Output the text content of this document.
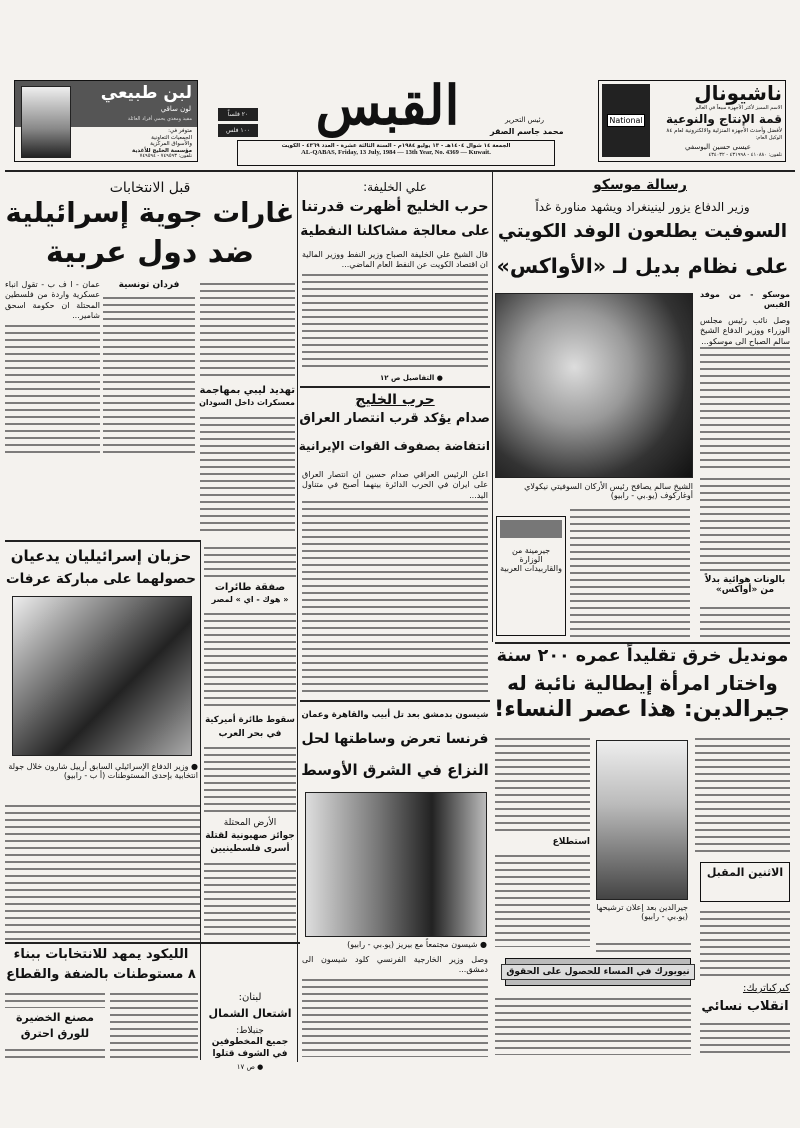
National
ناشيونال
الاسم المميز لأكثر الأجهزة مبيعاً في العالم
قمة الإنتاج والنوعية
لأفضل وأحدث الأجهزة المنزلية والالكترونية لعام ٨٤
الوكيل العام:
عيسى حسين اليوسفي
تلفون: ٤١٠٨٨٠ - ٤٣١٩٩٨ - ٤٣٤٠٣٢
رئيس التحرير
محمد جاسم الصقر
القبس
٢٠ فلساً
١٠٠ فلس
الجمعة ١٤ شوال ١٤٠٤هـ - ١٣ يوليو ١٩٨٤م - السنة الثالثة عشرة - العدد ٤٣٦٩ - الكويت
AL-QABAS, Friday, 13 July, 1984 — 13th Year, No. 4369 — Kuwait.
لبن طبيعي
لون ساقي
مفيد ومغذي يحمي أفراد العائلة
متوفر في:
الجمعيات التعاونية
والأسواق المركزية
مؤسسة الخليج للأغذية
تلفون: ٧٤٩٥٩٣ - ٧٤٩٥٩٤
رسالة موسكو
وزير الدفاع يزور لينينغراد ويشهد مناورة غداً
السوفيت يطلعون الوفد الكويتي
على نظام بديل لـ «الأواكس»
موسكو - من موفد القبس
وصل نائب رئيس مجلس الوزراء ووزير الدفاع الشيخ سالم الصباح الى موسكو...
الشيخ سالم يصافح رئيس الأركان السوفيتي نيكولاي أوغاركوف (يو.بي - رابيو)
بالونات هوائية بدلاً من «أواكس»
جيرمينة من الوزارة والقاربيدات العربية
موندیل خرق تقلیداً عمره ٢٠٠ سنة
واختار امرأة إيطالية نائبة له
جيرالدين: هذا عصر النساء!
جيرالدين بعد إعلان ترشيحها (يو.بي - رابيو)
استطلاع
الاثنين المقبل
نيويورك في المساء للحصول على الحقوق
كيركباتريك:
انقلاب نسائي
علي الخليفة:
حرب الخليج أظهرت قدرتنا
على معالجة مشاكلنا النفطية
قال الشيخ علي الخليفة الصباح وزير النفط ووزير المالية ان اقتصاد الكويت عن النفط العام الماضي...
● التفاصيل ص ١٢
حرب الخليج
صدام يؤكد قرب انتصار العراق
انتفاضة بصفوف القوات الإيرانية
اعلن الرئيس العراقي صدام حسين ان انتصار العراق على ايران في الحرب الدائرة بينهما أصبح في متناول اليد...
شيسون بدمشق بعد تل أبيب والقاهرة وعمان
فرنسا تعرض وساطتها لحل
النزاع في الشرق الأوسط
● شيسون مجتمعاً مع بيريز (يو.بي - رابيو)
وصل وزير الخارجية الفرنسي كلود شيسون الى دمشق...
قبل الانتخابات
غارات جوية إسرائيلية
ضد دول عربية
عمان - ا ف ب - تقول انباء عسكرية واردة من فلسطين المحتلة ان حكومة اسحق شامير...
فردان تونسية
تهديد ليبي بمهاجمة
معسكرات داخل السودان
حزبان إسرائيليان يدعيان
حصولهما على مباركة عرفات
● وزير الدفاع الإسرائيلي السابق أرييل شارون خلال جولة انتخابية بإحدى المستوطنات (أ ب - رابيو)
الليكود يمهد للانتخابات ببناء
٨ مستوطنات بالضفة والقطاع
مصنع الخضيرة
للورق احترق
صفقة طائرات
« هوك - اي » لمصر
سقوط طائرة أميركية
في بحر العرب
الأرض المحتلة
جوائز صهيونية لقتلة
أسرى فلسطينيين
لبنان:
اشتعال الشمال
جنبلاط:
جميع المخطوفين
في الشوف قتلوا
● ص ١٧
